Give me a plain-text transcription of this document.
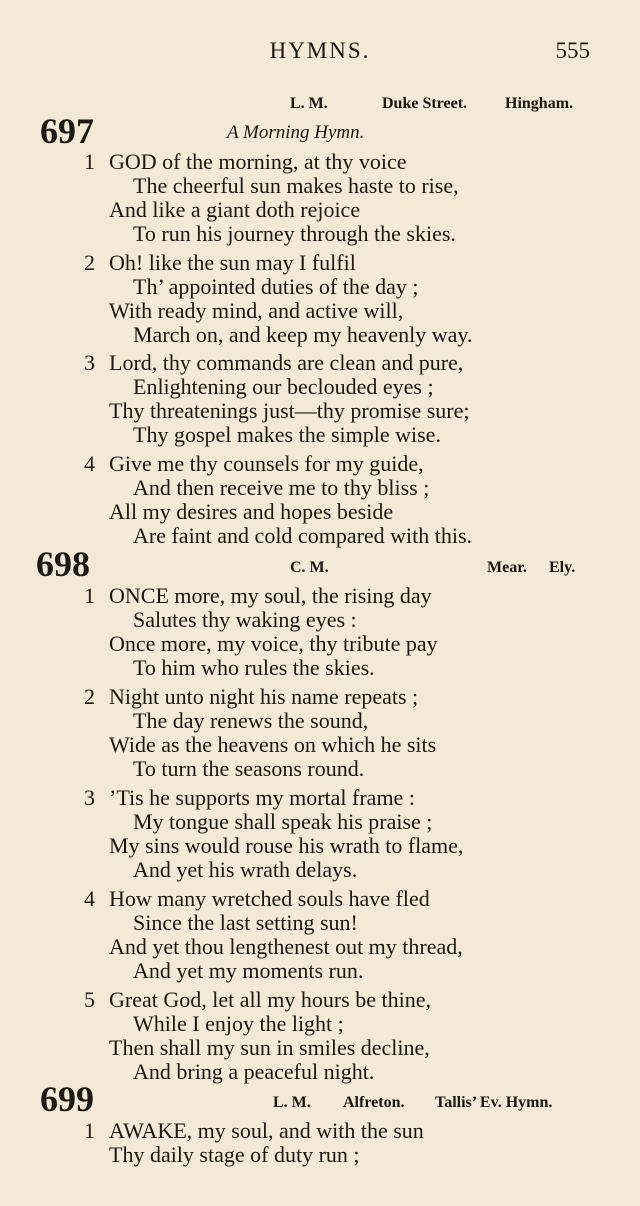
HYMNS.	555
L. M.	Duke Street. Hingham.
697	A Morning Hymn.
1 GOD of the morning, at thy voice
The cheerful sun makes haste to rise,
And like a giant doth rejoice
To run his journey through the skies.
2 Oh! like the sun may I fulfil
Th’ appointed duties of the day ;
With ready mind, and active will,
March on, and keep my heavenly way.
3 Lord, thy commands are clean and pure,
Enlightening our beclouded eyes ;
Thy threatenings just—thy promise sure;
Thy gospel makes the simple wise.
4 Give me thy counsels for my guide,
And then receive me to thy bliss ;
All my desires and hopes beside
Are faint and cold compared with this.
698	C. M.	Mear. Ely.
1 ONCE more, my soul, the rising day
Salutes thy waking eyes :
Once more, my voice, thy tribute pay
To him who rules the skies.
2 Night unto night his name repeats ;
The day renews the sound,
Wide as the heavens on which he sits
To turn the seasons round.
3 ’Tis he supports my mortal frame :
My tongue shall speak his praise ;
My sins would rouse his wrath to flame,
And yet his wrath delays.
4 How many wretched souls have fled
Since the last setting sun!
And yet thou lengthenest out my thread,
And yet my moments run.
5 Great God, let all my hours be thine,
While I enjoy the light ;
Then shall my sun in smiles decline,
And bring a peaceful night.
699	L. M. Alfreton. Tallis’ Ev. Hymn.
1 AWAKE, my soul, and with the sun
Thy daily stage of duty run ;
